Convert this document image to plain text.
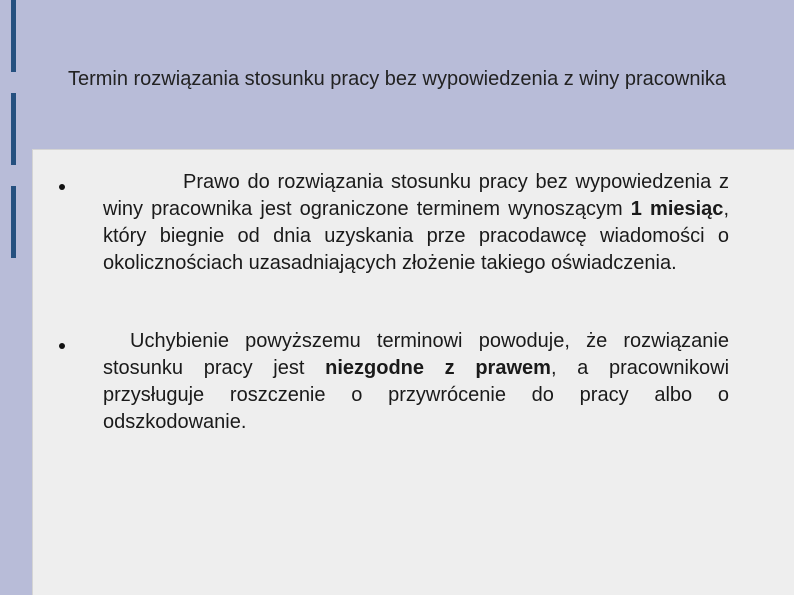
Termin rozwiązania stosunku pracy bez wypowiedzenia z winy pracownika
Prawo do rozwiązania stosunku pracy bez wypowiedzenia z winy pracownika jest ograniczone terminem wynoszącym 1 miesiąc, który biegnie od dnia uzyskania prze pracodawcę wiadomości o okolicznościach uzasadniających złożenie takiego oświadczenia.
Uchybienie powyższemu terminowi powoduje, że rozwiązanie stosunku pracy jest niezgodne z prawem, a pracownikowi przysługuje roszczenie o przywrócenie do pracy albo o odszkodowanie.
